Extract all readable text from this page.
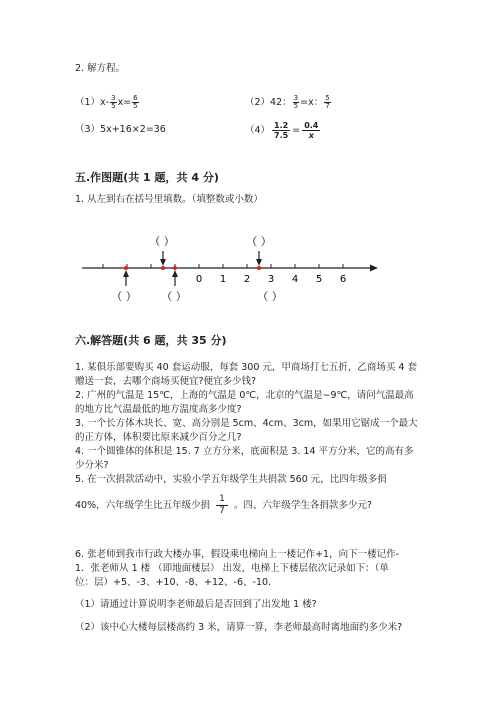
2. 解方程。
$(1)x- \frac{3}{5} x= \frac{6}{5}$	（2）42： $\frac{3}{5} =x$： $\frac{5}{7}$
（3）5x+16×2=36	$(4) \frac{1.2}{7.5} = \frac{0.4}{x}$
五.作图题(共 1 题，共 4 分)
1. 从左到右在括号里填数。（填整数或小数）
0 1 2 3 4 5 6
（ ）	（ ）
（ ） （ ）	（ ）
六.解答题(共 6 题，共 35 分)
1. 某俱乐部要购买 40 套运动服，每套 300 元，甲商场打七五折，乙商场买 4 套
赠送一套，去哪个商场买便宜?便宜多少钱?
2. 广州的气温是 15℃，上海的气温是 0℃，北京的气温是−9℃，请问气温最高
的地方比气温最低的地方温度高多少度?
3. 一个长方体木块长、宽、高分别是 5cm、4cm、3cm，如果用它锯成一个最大
的正方体，体积要比原来减少百分之几?
4. 一个圆锥体的体积是 15. 7 立方分米，底面积是 3. 14 平方分米，它的高有多
少分米?
5. 在一次捐款活动中，实验小学五年级学生共捐款 560 元，比四年级多捐
40%，六年级学生比五年级少捐 $\frac{1}{7}$ 。四、六年级学生各捐款多少元?
6. 张老师到我市行政大楼办事，假设乘电梯向上一楼记作+1，向下一楼记作-
1．张老师从 1 楼 （即地面楼层） 出发，电梯上下楼层依次记录如下：（单
位：层）+5、-3、+10、-8、+12、-6、-10.
（1）请通过计算说明李老师最后是否回到了出发地 1 楼?
（2）该中心大楼每层楼高约 3 米，请算一算，李老师最高时离地面约多少米?
